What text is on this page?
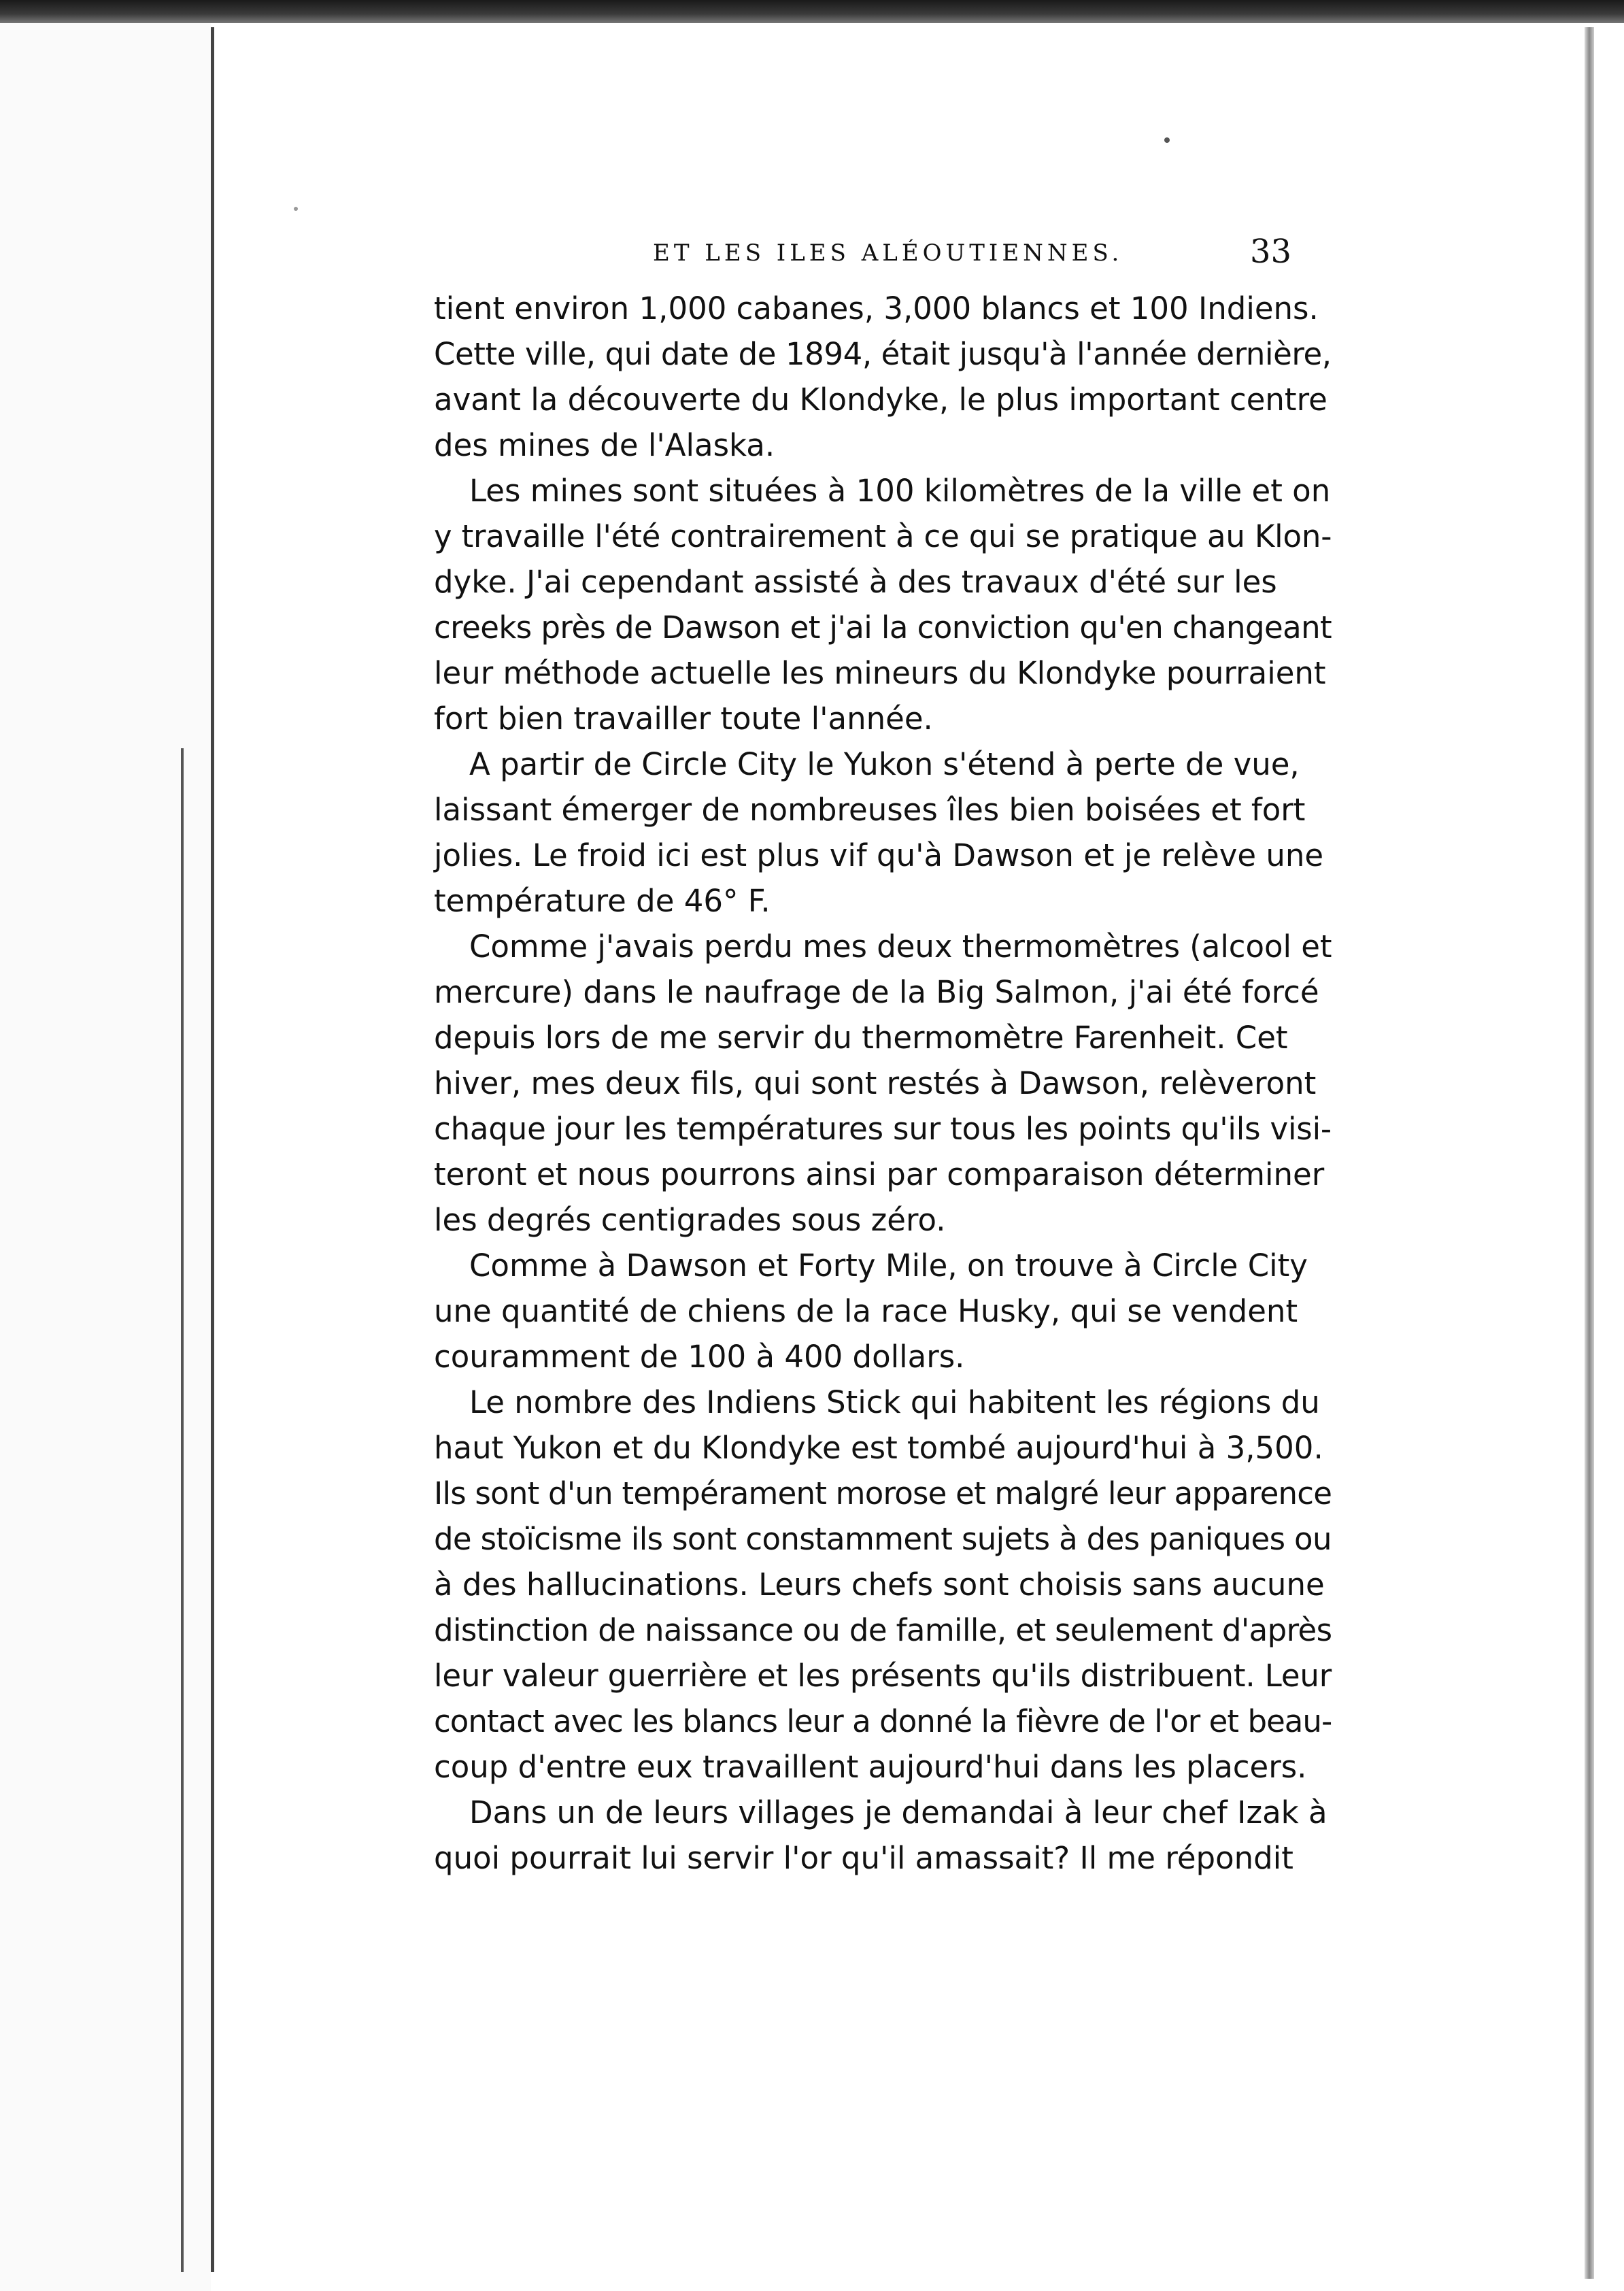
ET LES ILES ALÉOUTIENNES.	33
tient environ 1,000 cabanes, 3,000 blancs et 100 Indiens.
Cette ville, qui date de 1894, était jusqu'à l'année dernière,
avant la découverte du Klondyke, le plus important centre
des mines de l'Alaska.
Les mines sont situées à 100 kilomètres de la ville et on
y travaille l'été contrairement à ce qui se pratique au Klon-
dyke. J'ai cependant assisté à des travaux d'été sur les
creeks près de Dawson et j'ai la conviction qu'en changeant
leur méthode actuelle les mineurs du Klondyke pourraient
fort bien travailler toute l'année.
A partir de Circle City le Yukon s'étend à perte de vue,
laissant émerger de nombreuses îles bien boisées et fort
jolies. Le froid ici est plus vif qu'à Dawson et je relève une
température de 46° F.
Comme j'avais perdu mes deux thermomètres (alcool et
mercure) dans le naufrage de la Big Salmon, j'ai été forcé
depuis lors de me servir du thermomètre Farenheit. Cet
hiver, mes deux fils, qui sont restés à Dawson, relèveront
chaque jour les températures sur tous les points qu'ils visi-
teront et nous pourrons ainsi par comparaison déterminer
les degrés centigrades sous zéro.
Comme à Dawson et Forty Mile, on trouve à Circle City
une quantité de chiens de la race Husky, qui se vendent
couramment de 100 à 400 dollars.
Le nombre des Indiens Stick qui habitent les régions du
haut Yukon et du Klondyke est tombé aujourd'hui à 3,500.
Ils sont d'un tempérament morose et malgré leur apparence
de stoïcisme ils sont constamment sujets à des paniques ou
à des hallucinations. Leurs chefs sont choisis sans aucune
distinction de naissance ou de famille, et seulement d'après
leur valeur guerrière et les présents qu'ils distribuent. Leur
contact avec les blancs leur a donné la fièvre de l'or et beau-
coup d'entre eux travaillent aujourd'hui dans les placers.
Dans un de leurs villages je demandai à leur chef Izak à
quoi pourrait lui servir l'or qu'il amassait? Il me répondit
